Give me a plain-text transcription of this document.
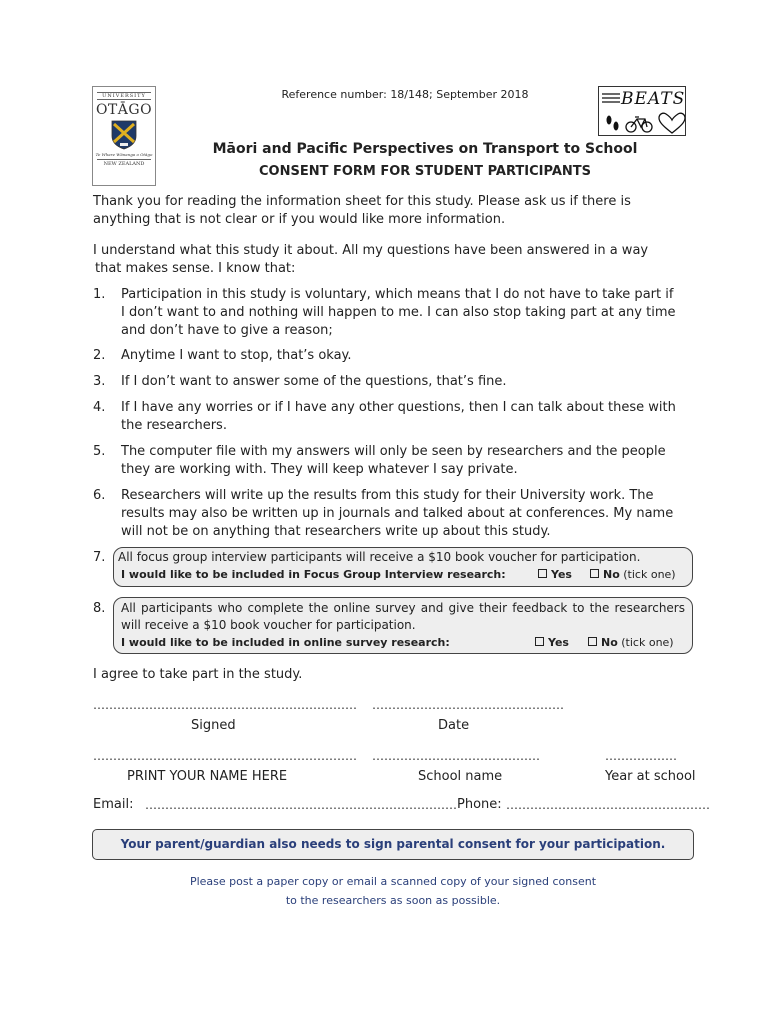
UNIVERSITY
OTĀGO
Te Whare Wānanga o Otāgo
NEW ZEALAND
BEATS
Reference number: 18/148; September 2018
Māori and Pacific Perspectives on Transport to School
CONSENT FORM FOR STUDENT PARTICIPANTS
Thank you for reading the information sheet for this study. Please ask us if there is anything that is not clear or if you would like more information.
I understand what this study it about. All my questions have been answered in a way
that makes sense. I know that:
1. Participation in this study is voluntary, which means that I do not have to take part if I don’t want to and nothing will happen to me. I can also stop taking part at any time and don’t have to give a reason;
2. Anytime I want to stop, that’s okay.
3. If I don’t want to answer some of the questions, that’s fine.
4. If I have any worries or if I have any other questions, then I can talk about these with the researchers.
5. The computer file with my answers will only be seen by researchers and the people they are working with. They will keep whatever I say private.
6. Researchers will write up the results from this study for their University work. The results may also be written up in journals and talked about at conferences. My name will not be on anything that researchers write up about this study.
7. All focus group interview participants will receive a $10 book voucher for participation.
I would like to be included in Focus Group Interview research:	Yes	No (tick one)
8. All participants who complete the online survey and give their feedback to the researchers will receive a $10 book voucher for participation.
I would like to be included in online survey research:	Yes	No (tick one)
I agree to take part in the study.
………………………………………………………… …………………………………………
Signed	Date
………………………………………………………… ……………………………………	………………
PRINT YOUR NAME HERE	School name	Year at school
Email: …………………………………………………………………… Phone: ……………………………………………
Your parent/guardian also needs to sign parental consent for your participation.
Please post a paper copy or email a scanned copy of your signed consent
to the researchers as soon as possible.
